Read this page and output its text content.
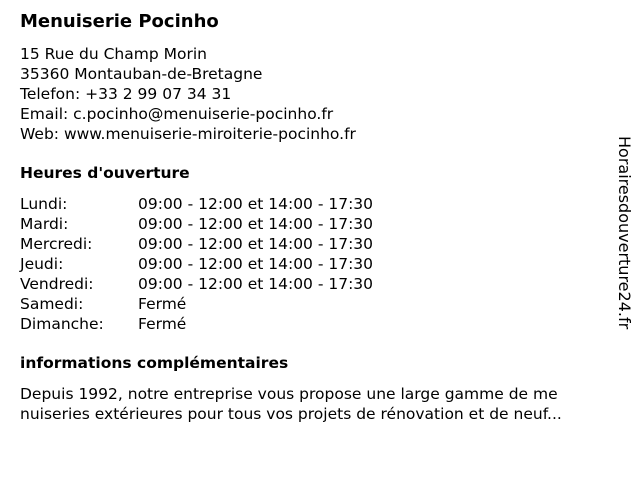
Menuiserie Pocinho
15 Rue du Champ Morin
35360 Montauban-de-Bretagne
Telefon: +33 2 99 07 34 31
Email: c.pocinho@menuiserie-pocinho.fr
Web: www.menuiserie-miroiterie-pocinho.fr
Heures d'ouverture
Lundi:	09:00 - 12:00 et 14:00 - 17:30
Mardi:	09:00 - 12:00 et 14:00 - 17:30
Mercredi:	09:00 - 12:00 et 14:00 - 17:30
Jeudi:	09:00 - 12:00 et 14:00 - 17:30
Vendredi:	09:00 - 12:00 et 14:00 - 17:30
Samedi:	Fermé
Dimanche:	Fermé
informations complémentaires
Depuis 1992, notre entreprise vous propose une large gamme de me
nuiseries extérieures pour tous vos projets de rénovation et de neuf...
Horairesdouverture24.fr
